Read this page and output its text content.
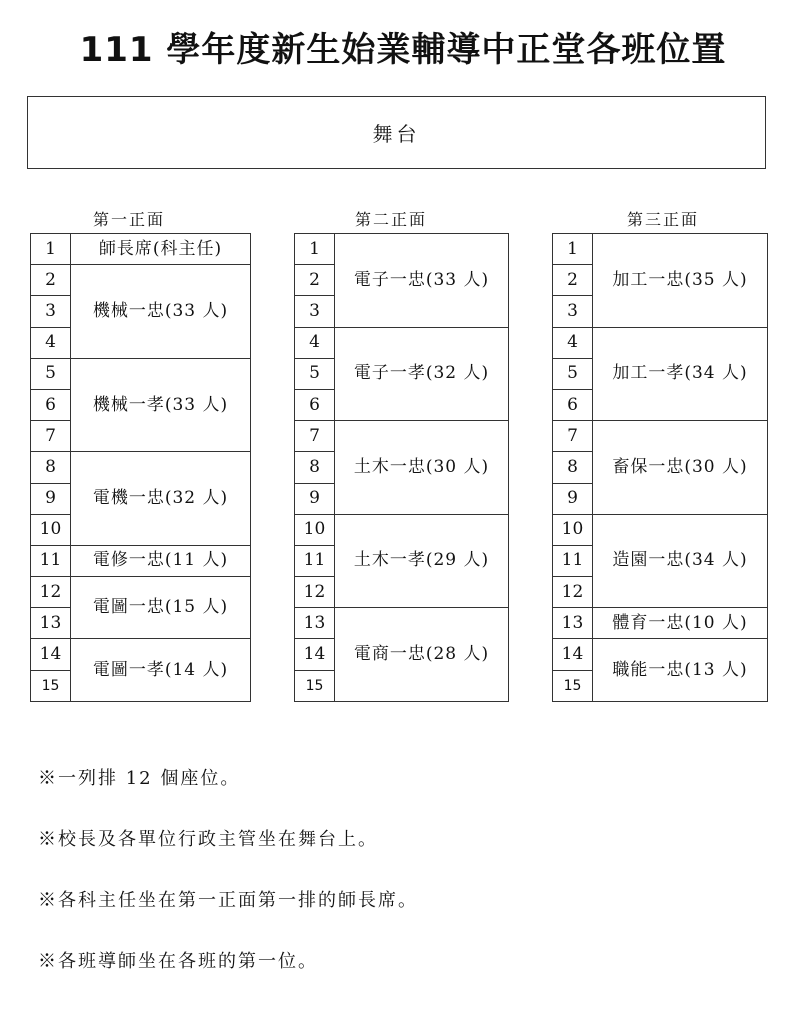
111 學年度新生始業輔導中正堂各班位置
舞台
第一正面	第二正面	第三正面
1	師長席(科主任)
2	機械一忠(33 人)
3	
4	
5	機械一孝(33 人)
6	
7	
8	電機一忠(32 人)
9	
10	
11	電修一忠(11 人)
12	電圖一忠(15 人)
13	
14	電圖一孝(14 人)
15	
1	電子一忠(33 人)
2	
3	
4	電子一孝(32 人)
5	
6	
7	土木一忠(30 人)
8	
9	
10	土木一孝(29 人)
11	
12	
13	電商一忠(28 人)
14	
15	
1	加工一忠(35 人)
2	
3	
4	加工一孝(34 人)
5	
6	
7	畜保一忠(30 人)
8	
9	
10	造園一忠(34 人)
11	
12	
13	體育一忠(10 人)
14	職能一忠(13 人)
15	

※一列排 12 個座位。

※校長及各單位行政主管坐在舞台上。

※各科主任坐在第一正面第一排的師長席。

※各班導師坐在各班的第一位。
